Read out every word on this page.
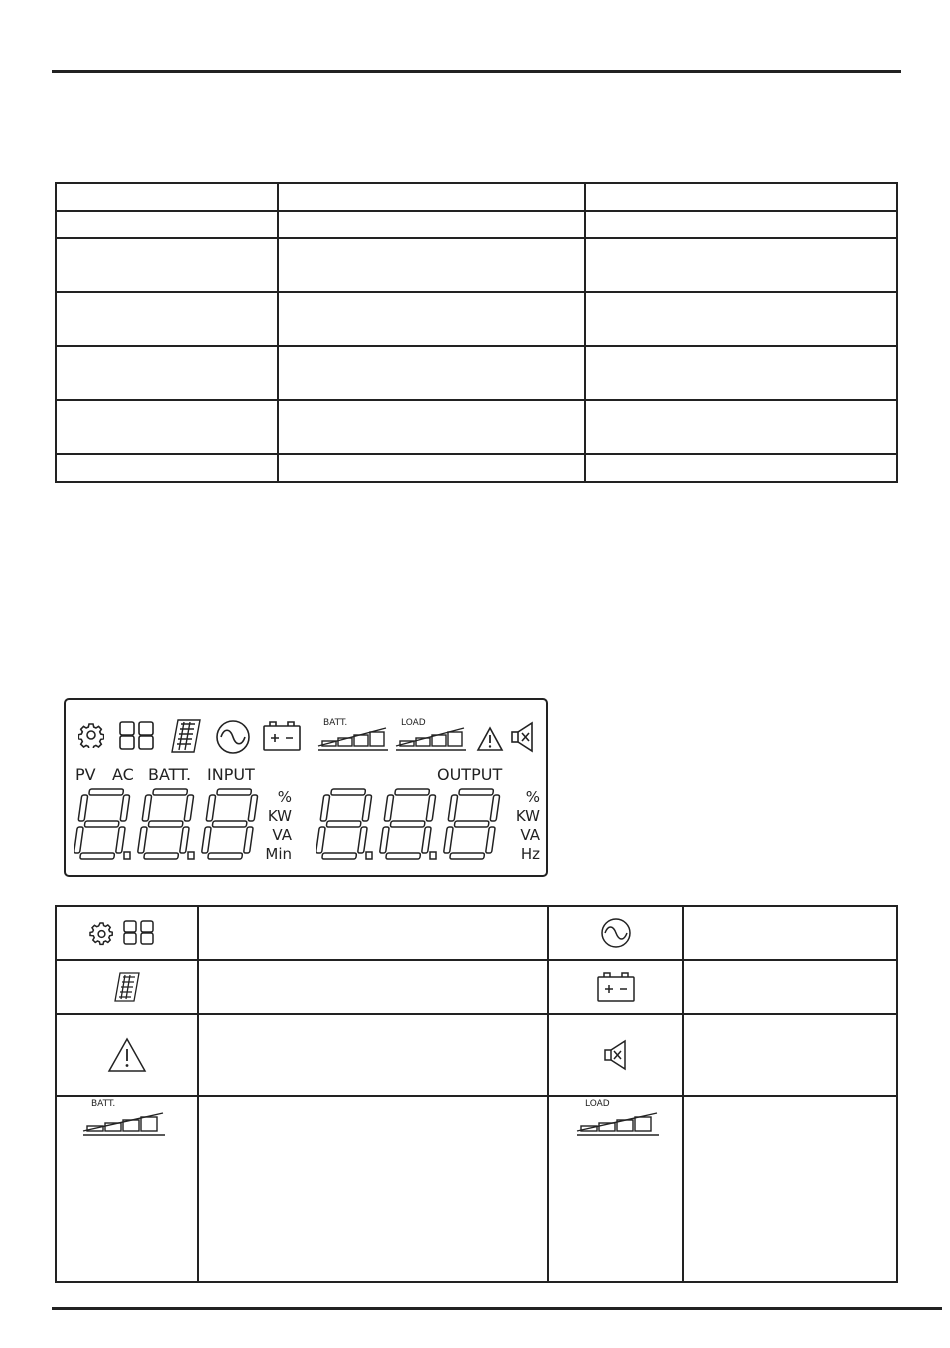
BATT.	LOAD
PV AC BATT. INPUT	OUTPUT
%
KW
VA
Min
%
KW
VA
Hz

BATT.		LOAD	
